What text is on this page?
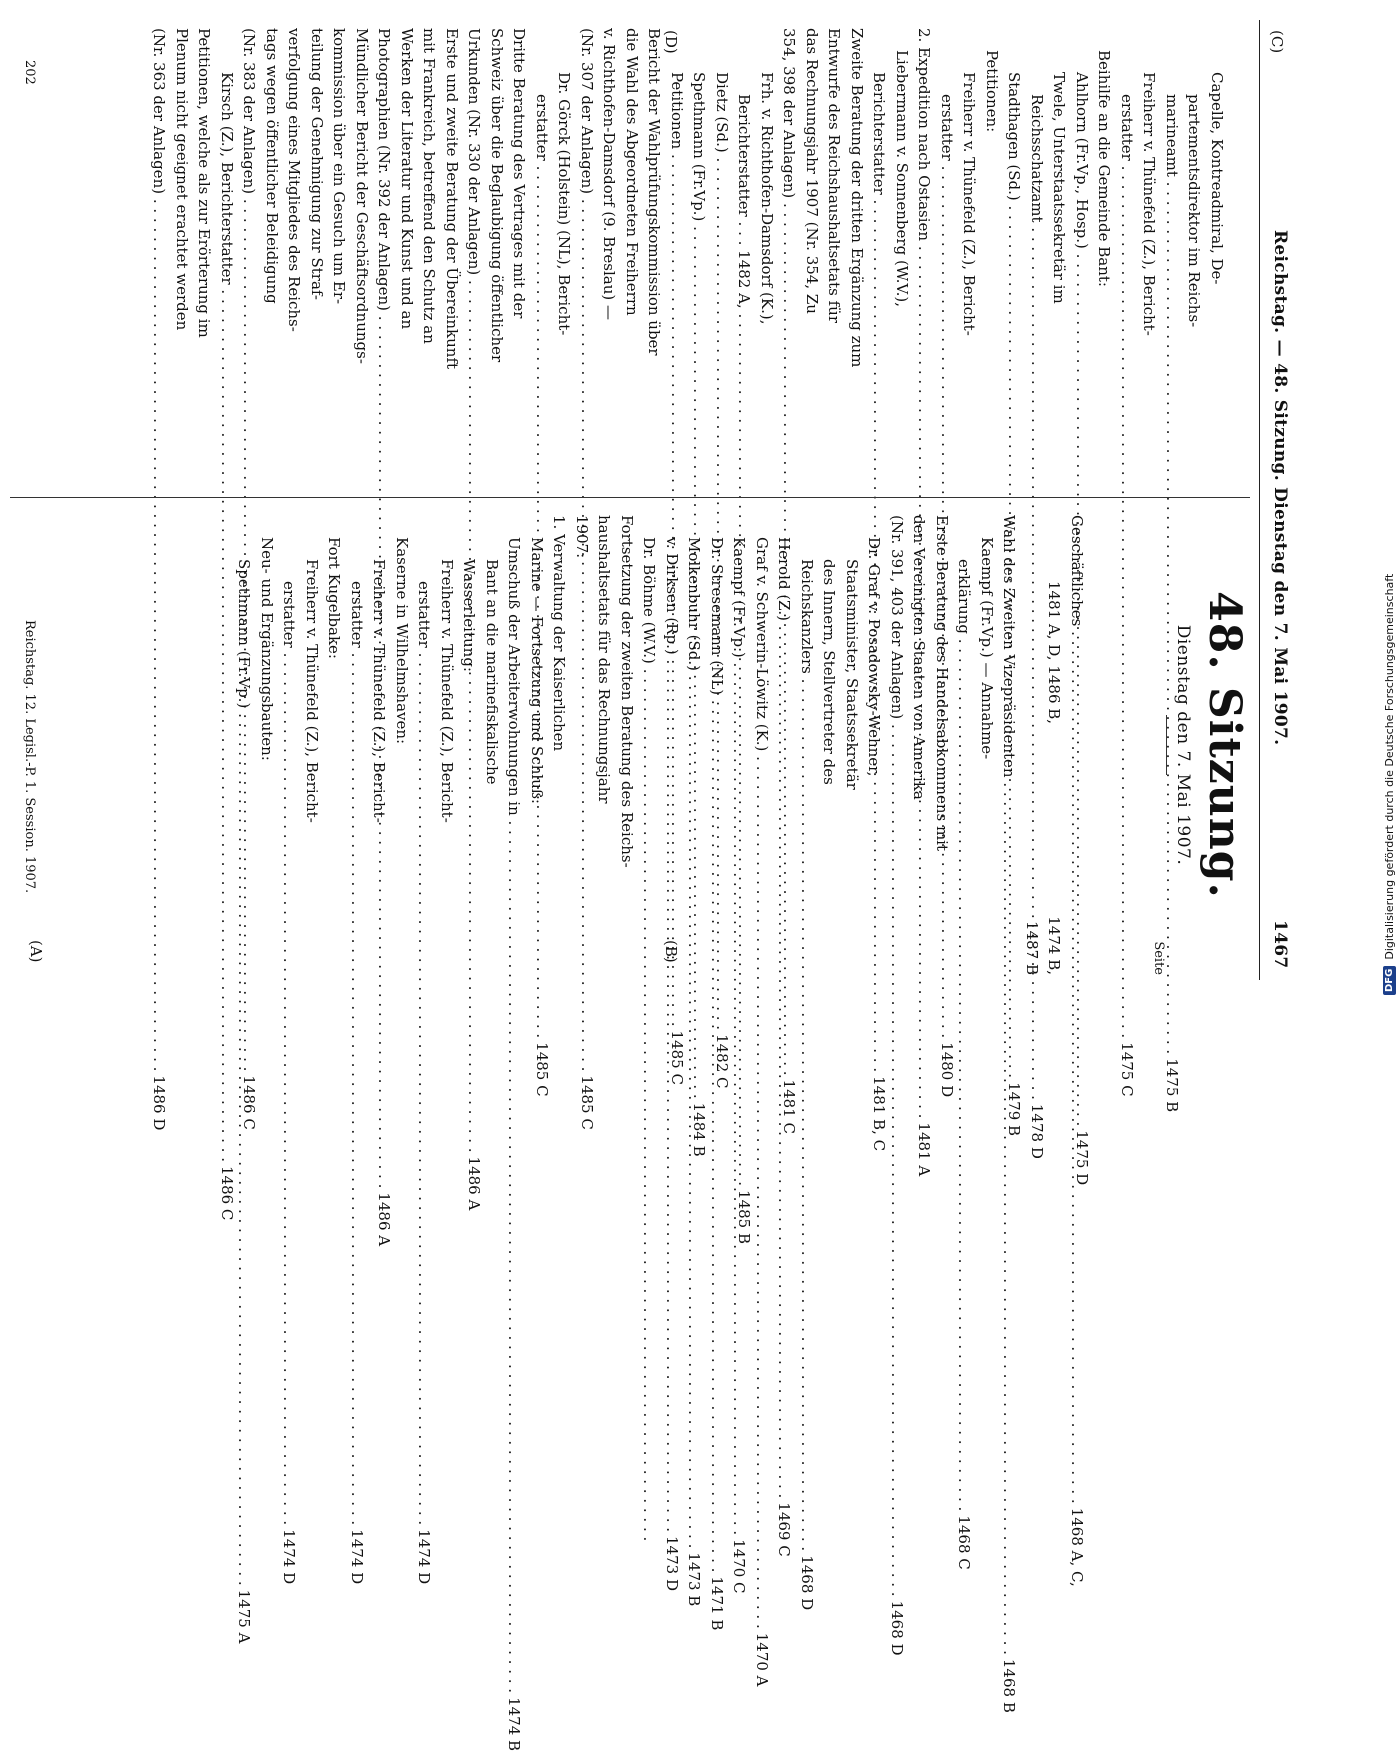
(C)
Reichstag. — 48. Sitzung. Dienstag den 7. Mai 1907.
1467
Capelle, Kontreadmiral, De-
partementsdirektor im Reichs-
marineamt . . .
1475 B
Freiherr v. Thünefeld (Z.), Bericht-
erstatter . . .
1475 C
Beihilfe an die Gemeinde Bant:
Ahlhorn (Fr.Vp., Hosp.) . . .
1475 D
Twele, Unterstaatssekretär im
Reichsschatzamt . . .
1478 D
Stadthagen (Sd.) . . .
1479 B
Petitionen:
Freiherr v. Thünefeld (Z.), Bericht-
erstatter . . .
1480 D
2. Expedition nach Ostasien . . .
1481 A
Liebermann v. Sonnenberg (W.V.),
Berichterstatter . . .
1481 B, C
Zweite Beratung der dritten Ergänzung zum
Entwurfe des Reichshaushaltsetats für
das Rechnungsjahr 1907 (Nr. 354, Zu
354, 398 der Anlagen) . . .
1481 C
Frh. v. Richthofen-Damsdorf (K.),
Berichterstatter . . . 1482 A, . . .
1485 B
Dietz (Sd.) . . .
1482 C
Spethmann (Fr.Vp.) . . .
1484 B
Petitionen . . .
1485 C
Bericht der Wahlprüfungskommission über
die Wahl des Abgeordneten Freiherrn
v. Richthofen-Damsdorf (9. Breslau) —
(Nr. 307 der Anlagen) . . .
1485 C
Dr. Görck (Holstein) (NL), Bericht-
erstatter . . .
1485 C
Dritte Beratung des Vertrages mit der
Schweiz über die Beglaubigung öffentlicher
Urkunden (Nr. 330 der Anlagen) . . .
1486 A
Erste und zweite Beratung der Übereinkunft
mit Frankreich, betreffend den Schutz an
Werken der Literatur und Kunst und an
Photographien (Nr. 392 der Anlagen) . . .
1486 A
Mündlicher Bericht der Geschäftsordnungs-
kommission über ein Gesuch um Er-
teilung der Genehmigung zur Straf-
verfolgung eines Mitgliedes des Reichs-
tags wegen öffentlicher Beleidigung
(Nr. 383 der Anlagen) . . .
1486 C
Kirsch (Z.), Berichterstatter . . .
1486 C
Petitionen, welche als zur Erörterung im
Plenum nicht geeignet erachtet werden
(Nr. 363 der Anlagen) . . .
1486 D
48. Sitzung.
Dienstag den 7. Mai 1907.
Seite
Geschäftliches . . .
1468 A, C,
1481 A, D, 1486 B,
1474 B,
1487 B
Wahl des Zweiten Vizepräsidenten . . .
1468 B
Kaempf (Fr.Vp.) — Annahme-
erklärung . . .
1468 C
Erste Beratung des Handelsabkommens mit
den Vereinigten Staaten von Amerika
(Nr. 391, 403 der Anlagen) . . .
1468 D
Dr. Graf v. Posadowsky-Wehner,
Staatsminister, Staatssekretär
des Innern, Stellvertreter des
Reichskanzlers . . .
1468 D
Herold (Z.) . . .
1469 C
Graf v. Schwerin-Löwitz (K.) . . .
1470 A
Kaempf (Fr.Vp.) . . .
1470 C
Dr. Stresemann (NL) . . .
1471 B
Molkenbuhr (Sd.) . . .
1473 B
v. Dirksen (Rp.) . . .
1473 D
Dr. Böhme (W.V.) . . .
Fortsetzung der zweiten Beratung des Reichs-
haushaltsetats für das Rechnungsjahr
1907:
1. Verwaltung der Kaiserlichen
Marine — Fortsetzung und Schluß:
Umschuß der Arbeiterwohnungen in . . .
1474 B
Bant an die marinefiskalische
Wasserleitung:
Freiherr v. Thünefeld (Z.), Bericht-
erstatter . . .
1474 D
Kaserne in Wilhelmshaven:
Freiherr v. Thünefeld (Z.), Bericht-
erstatter . . .
1474 D
Fort Kugelbake:
Freiherr v. Thünefeld (Z.), Bericht-
erstatter . . .
1474 D
Neu- und Ergänzungsbauten:
Spethmann (Fr.Vp.) . . .
1475 A
(D)
(B)
(A)
202
Reichstag. 12. Legisl.-P. 1. Session. 1907.
DFG
Digitalisierung gefördert durch die Deutsche Forschungsgemeinschaft
